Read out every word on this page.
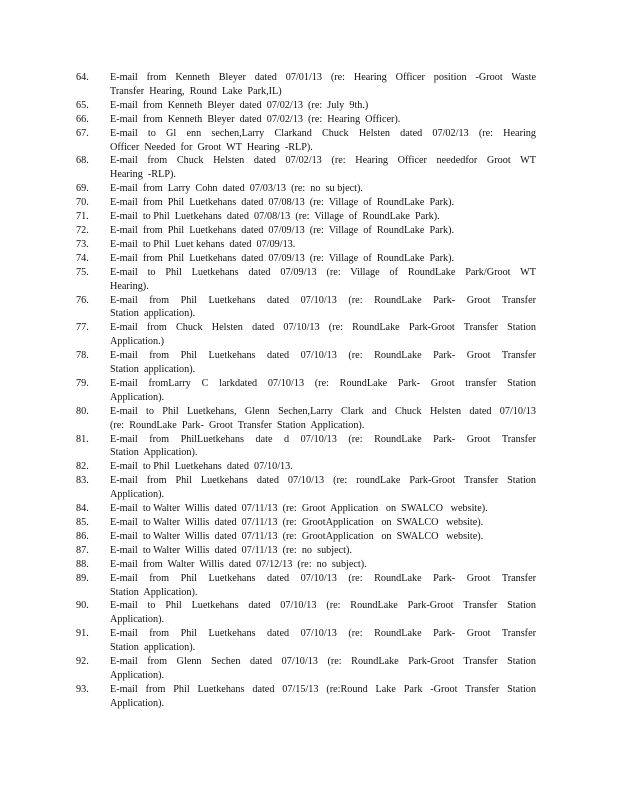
64.	E-mail from Kenneth Bleyer dated 07/01/13 (re: Hearing Officer position -Groot Waste
Transfer  Hearing,  Round  Lake  Park,IL)
65.	E-mail  from  Kenneth  Bleyer  dated  07/02/13  (re:  July  9th.)
66.	E-mail  from  Kenneth  Bleyer  dated  07/02/13  (re:  Hearing  Officer).
67.	E-mail to Gl enn sechen,Larry Clarkand Chuck Helsten dated 07/02/13 (re: Hearing
Officer  Needed  for  Groot  WT  Hearing  -RLP).
68.	E-mail from Chuck Helsten dated 07/02/13 (re: Hearing Officer neededfor Groot WT
Hearing  -RLP).
69.	E-mail  from  Larry  Cohn  dated  07/03/13  (re:  no  su bject).
70.	E-mail  from  Phil  Luetkehans  dated  07/08/13  (re:  Village  of  RoundLake  Park).
71.	E-mail  to Phil  Luetkehans  dated  07/08/13  (re:  Village  of  RoundLake  Park).
72.	E-mail  from  Phil  Luetkehans  dated  07/09/13  (re:  Village  of  RoundLake  Park).
73.	E-mail  to Phil  Luet kehans  dated  07/09/13.
74.	E-mail  from  Phil  Luetkehans  dated  07/09/13  (re:  Village  of  RoundLake  Park).
75.	E-mail to Phil Luetkehans dated 07/09/13 (re: Village of RoundLake Park/Groot WT
Hearing).
76.	E-mail from Phil Luetkehans dated 07/10/13 (re: RoundLake Park- Groot Transfer
Station  application).
77.	E-mail from Chuck Helsten dated 07/10/13 (re: RoundLake Park-Groot Transfer Station
Application.)
78.	E-mail from Phil Luetkehans dated 07/10/13 (re: RoundLake Park- Groot Transfer
Station  application).
79.	E-mail fromLarry C larkdated 07/10/13 (re: RoundLake Park- Groot transfer Station
Application).
80.	E-mail to Phil Luetkehans, Glenn Sechen,Larry Clark and Chuck Helsten dated 07/10/13
(re:  RoundLake  Park-  Groot  Transfer  Station  Application).
81.	E-mail from PhilLuetkehans date d 07/10/13 (re: RoundLake Park- Groot Transfer
Station  Application).
82.	E-mail  to Phil  Luetkehans  dated  07/10/13.
83.	E-mail from Phil Luetkehans dated 07/10/13 (re: roundLake Park-Groot Transfer Station
Application).
84.	E-mail  to Walter  Willis  dated  07/11/13  (re:  Groot  Application   on  SWALCO   website).
85.	E-mail  to Walter  Willis  dated  07/11/13  (re:  GrootApplication   on  SWALCO   website).
86.	E-mail  to Walter  Willis  dated  07/11/13  (re:  GrootApplication   on  SWALCO   website).
87.	E-mail  to Walter  Willis  dated  07/11/13  (re:  no  subject).
88.	E-mail  from  Walter  Willis  dated  07/12/13  (re:  no  subject).
89.	E-mail from Phil Luetkehans dated 07/10/13 (re: RoundLake Park- Groot Transfer
Station  Application).
90.	E-mail to Phil Luetkehans dated 07/10/13 (re: RoundLake Park-Groot Transfer Station
Application).
91.	E-mail from Phil Luetkehans dated 07/10/13 (re: RoundLake Park- Groot Transfer
Station  application).
92.	E-mail from Glenn Sechen dated 07/10/13 (re: RoundLake Park-Groot Transfer Station
Application).
93.	E-mail from Phil Luetkehans dated 07/15/13 (re:Round Lake Park -Groot Transfer Station
Application).
